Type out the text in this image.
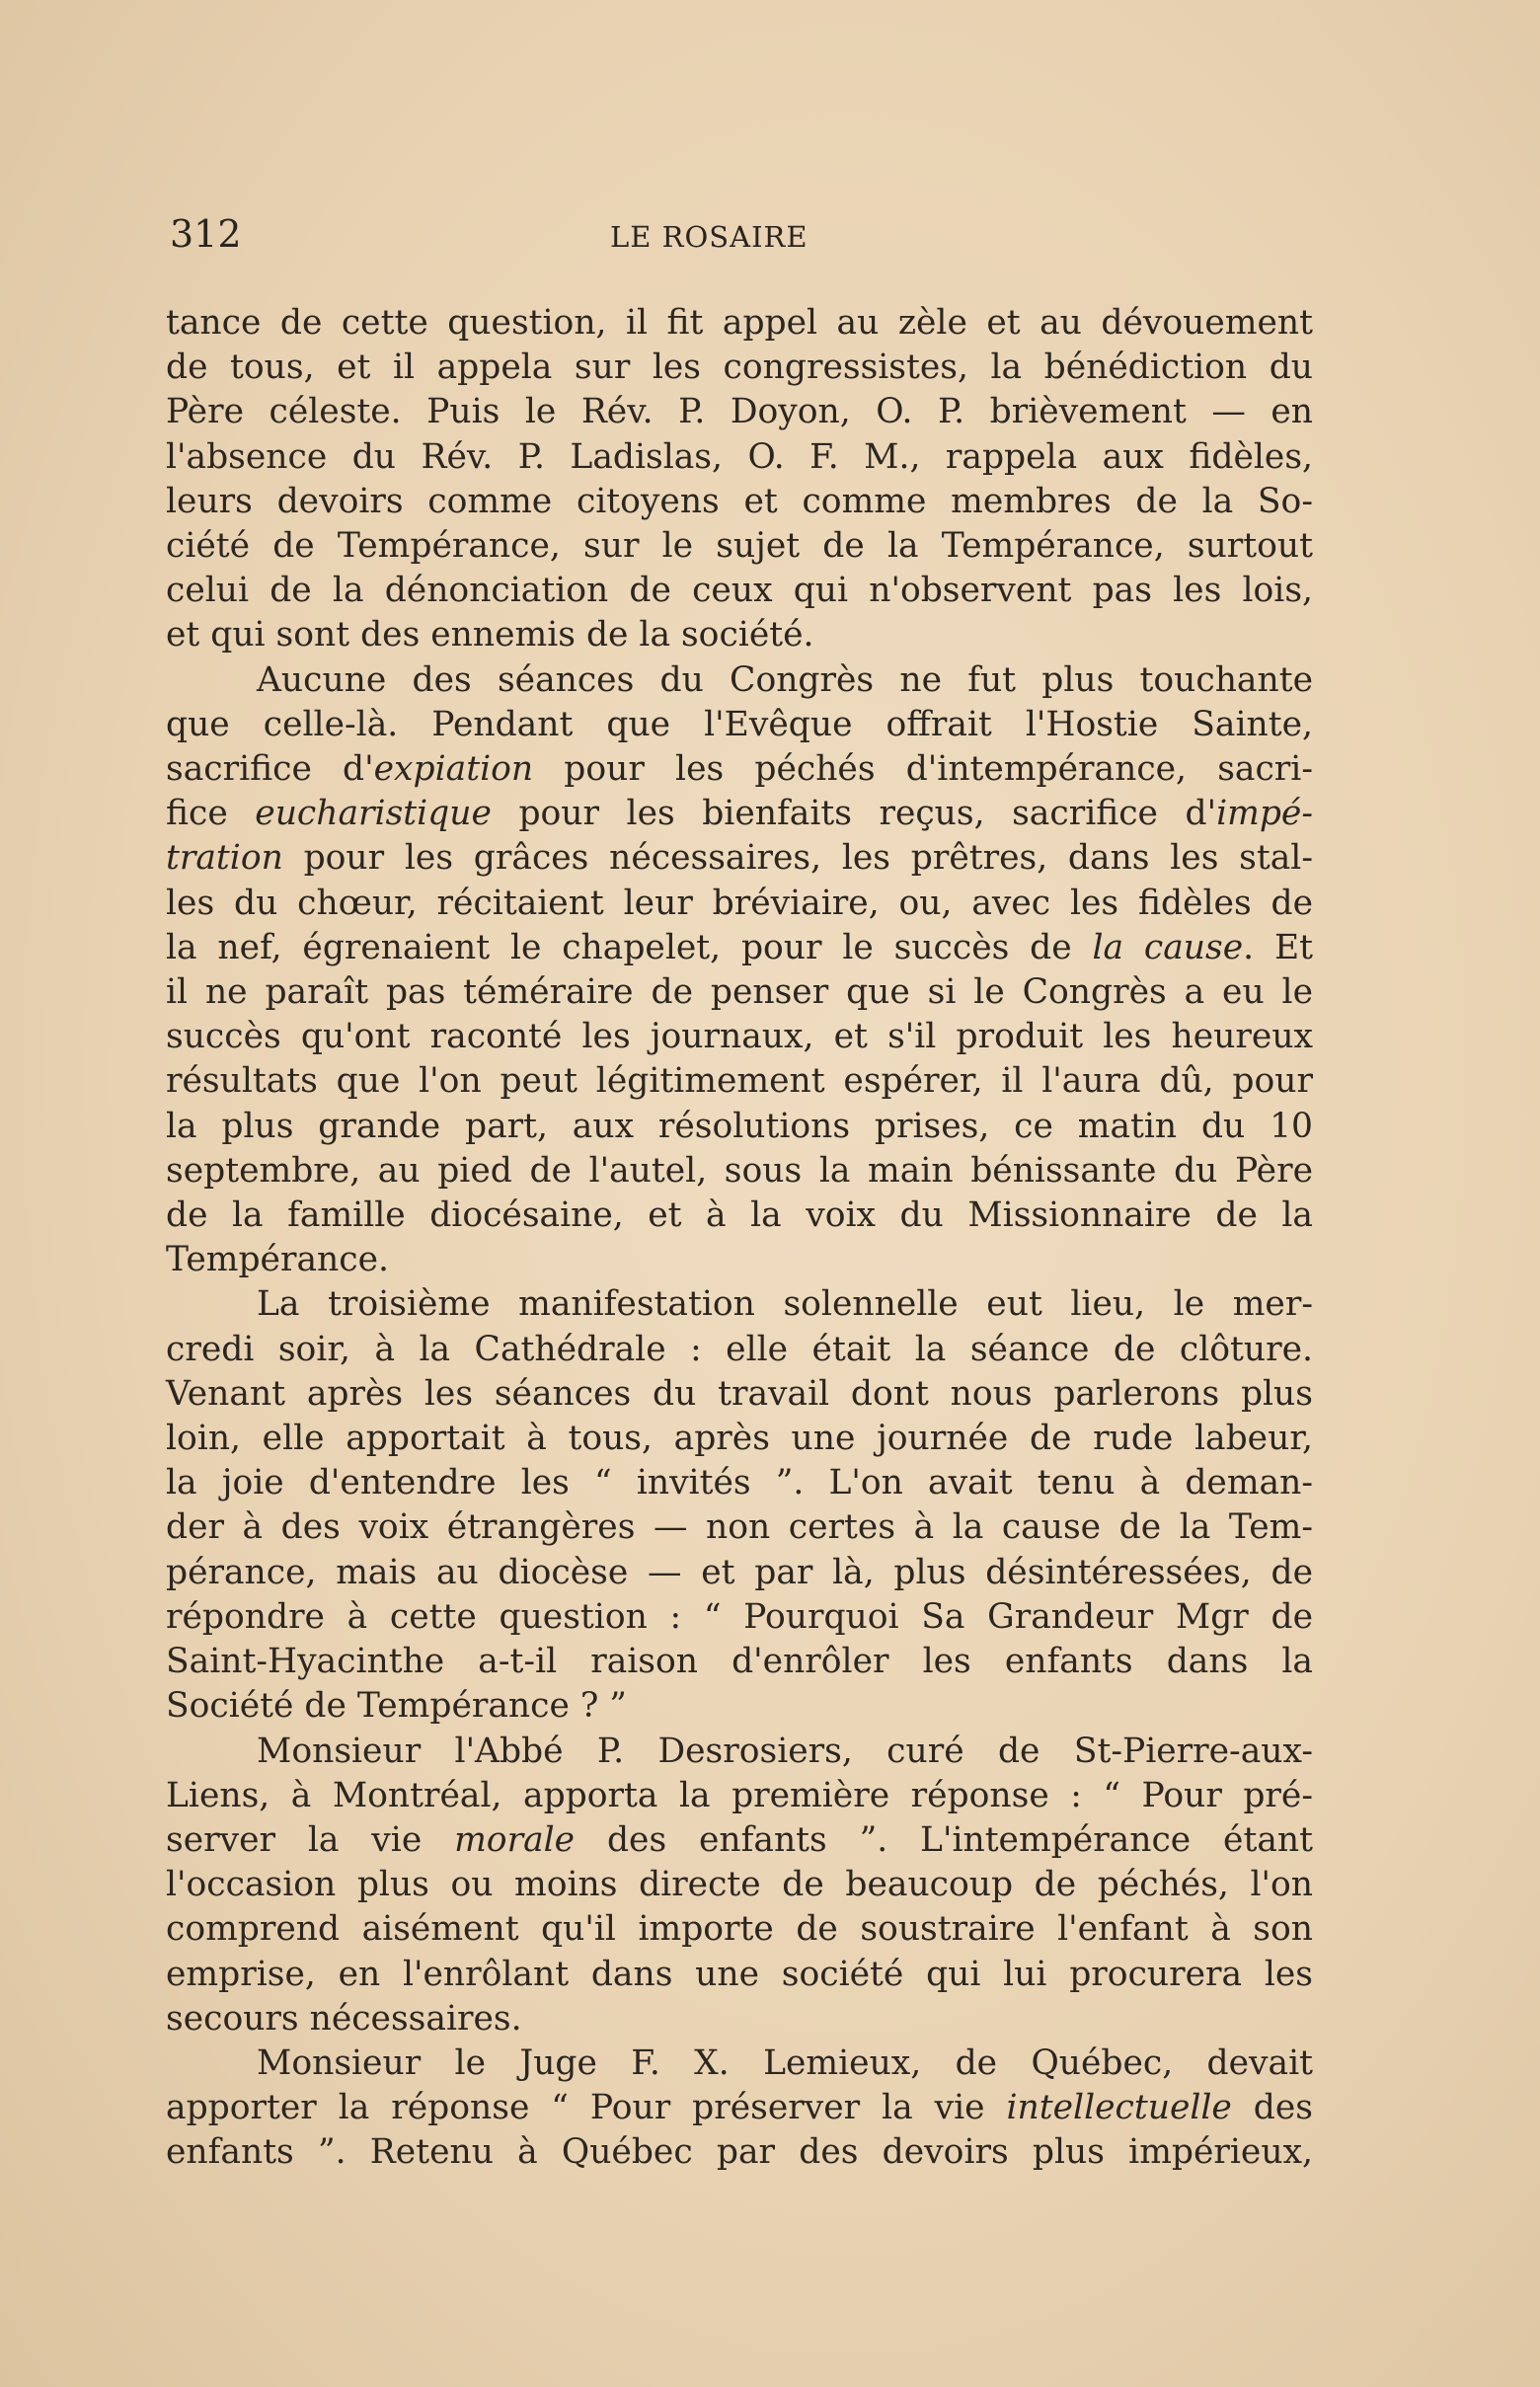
312	LE ROSAIRE
tance de cette question, il fit appel au zèle et au dévouement
de tous, et il appela sur les congressistes, la bénédiction du
Père céleste. Puis le Rév. P. Doyon, O. P. brièvement — en
l'absence du Rév. P. Ladislas, O. F. M., rappela aux fidèles,
leurs devoirs comme citoyens et comme membres de la So-
ciété de Tempérance, sur le sujet de la Tempérance, surtout
celui de la dénonciation de ceux qui n'observent pas les lois,
et qui sont des ennemis de la société.
Aucune des séances du Congrès ne fut plus touchante
que celle-là. Pendant que l'Evêque offrait l'Hostie Sainte,
sacrifice d'expiation pour les péchés d'intempérance, sacri-
fice eucharistique pour les bienfaits reçus, sacrifice d'impé-
tration pour les grâces nécessaires, les prêtres, dans les stal-
les du chœur, récitaient leur bréviaire, ou, avec les fidèles de
la nef, égrenaient le chapelet, pour le succès de la cause. Et
il ne paraît pas téméraire de penser que si le Congrès a eu le
succès qu'ont raconté les journaux, et s'il produit les heureux
résultats que l'on peut légitimement espérer, il l'aura dû, pour
la plus grande part, aux résolutions prises, ce matin du 10
septembre, au pied de l'autel, sous la main bénissante du Père
de la famille diocésaine, et à la voix du Missionnaire de la
Tempérance.
La troisième manifestation solennelle eut lieu, le mer-
credi soir, à la Cathédrale : elle était la séance de clôture.
Venant après les séances du travail dont nous parlerons plus
loin, elle apportait à tous, après une journée de rude labeur,
la joie d'entendre les “ invités ”. L'on avait tenu à deman-
der à des voix étrangères — non certes à la cause de la Tem-
pérance, mais au diocèse — et par là, plus désintéressées, de
répondre à cette question : “ Pourquoi Sa Grandeur Mgr de
Saint-Hyacinthe a-t-il raison d'enrôler les enfants dans la
Société de Tempérance ? ”
Monsieur l'Abbé P. Desrosiers, curé de St-Pierre-aux-
Liens, à Montréal, apporta la première réponse : “ Pour pré-
server la vie morale des enfants ”. L'intempérance étant
l'occasion plus ou moins directe de beaucoup de péchés, l'on
comprend aisément qu'il importe de soustraire l'enfant à son
emprise, en l'enrôlant dans une société qui lui procurera les
secours nécessaires.
Monsieur le Juge F. X. Lemieux, de Québec, devait
apporter la réponse “ Pour préserver la vie intellectuelle des
enfants ”. Retenu à Québec par des devoirs plus impérieux,
